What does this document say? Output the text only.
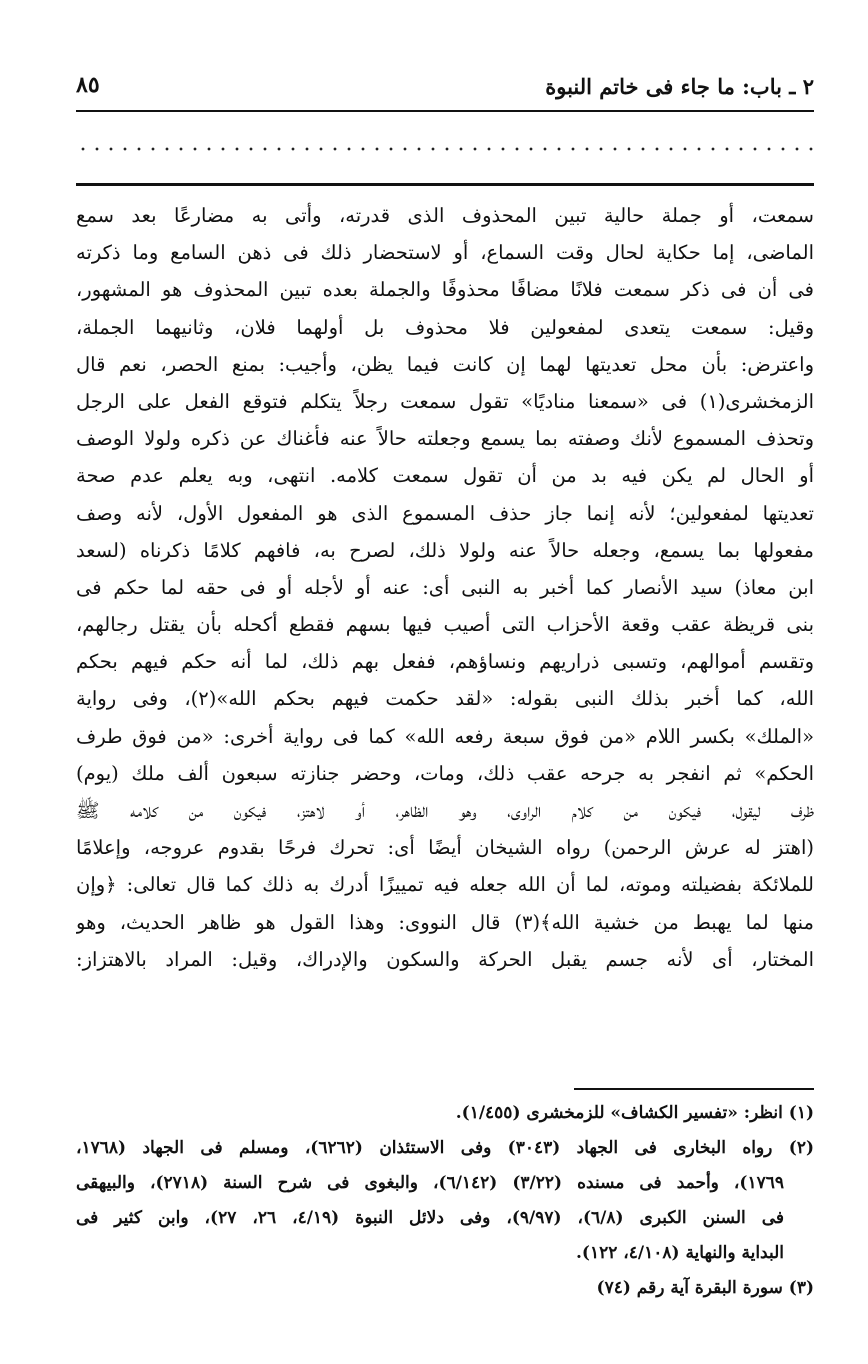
٢ ـ باب: ما جاء فى خاتم النبوة
٨٥
سمعت، أو جملة حالية تبين المحذوف الذى قدرته، وأتى به مضارعًا بعد سمع
الماضى، إما حكاية لحال وقت السماع، أو لاستحضار ذلك فى ذهن السامع وما ذكرته
فى أن فى ذكر سمعت فلانًا مضافًا محذوفًا والجملة بعده تبين المحذوف هو المشهور،
وقيل: سمعت يتعدى لمفعولين فلا محذوف بل أولهما فلان، وثانيهما الجملة،
واعترض: بأن محل تعديتها لهما إن كانت فيما يظن، وأجيب: بمنع الحصر، نعم قال
الزمخشرى(١) فى «سمعنا مناديًا» تقول سمعت رجلاً يتكلم فتوقع الفعل على الرجل
وتحذف المسموع لأنك وصفته بما يسمع وجعلته حالاً عنه فأغناك عن ذكره ولولا الوصف
أو الحال لم يكن فيه بد من أن تقول سمعت كلامه. انتهى، وبه يعلم عدم صحة
تعديتها لمفعولين؛ لأنه إنما جاز حذف المسموع الذى هو المفعول الأول، لأنه وصف
مفعولها بما يسمع، وجعله حالاً عنه ولولا ذلك، لصرح به، فافهم كلامًا ذكرناه (لسعد
ابن معاذ) سيد الأنصار كما أخبر به النبى أى: عنه أو لأجله أو فى حقه لما حكم فى
بنى قريظة عقب وقعة الأحزاب التى أصيب فيها بسهم فقطع أكحله بأن يقتل رجالهم،
وتقسم أموالهم، وتسبى ذراريهم ونساؤهم، ففعل بهم ذلك، لما أنه حكم فيهم بحكم
الله، كما أخبر بذلك النبى بقوله: «لقد حكمت فيهم بحكم الله»(٢)، وفى رواية
«الملك» بكسر اللام «من فوق سبعة رفعه الله» كما فى رواية أخرى: «من فوق طرف
الحكم» ثم انفجر به جرحه عقب ذلك، ومات، وحضر جنازته سبعون ألف ملك (يوم)
ظرف ليقول، فيكون من كلام الراوى، وهو الظاهر، أو لاهتز، فيكون من كلامه ﷺ
(اهتز له عرش الرحمن) رواه الشيخان أيضًا أى: تحرك فرحًا بقدوم عروجه، وإعلامًا
للملائكة بفضيلته وموته، لما أن الله جعله فيه تمييزًا أدرك به ذلك كما قال تعالى: ﴿وإن
منها لما يهبط من خشية الله﴾(٣) قال النووى: وهذا القول هو ظاهر الحديث، وهو
المختار، أى لأنه جسم يقبل الحركة والسكون والإدراك، وقيل: المراد بالاهتزاز:
(١) انظر: «تفسير الكشاف» للزمخشرى (١/٤٥٥).
(٢) رواه البخارى فى الجهاد (٣٠٤٣) وفى الاستئذان (٦٢٦٢)، ومسلم فى الجهاد (١٧٦٨،
١٧٦٩)، وأحمد فى مسنده (٣/٢٢) (٦/١٤٢)، والبغوى فى شرح السنة (٢٧١٨)، والبيهقى
فى السنن الكبرى (٦/٨)، (٩/٩٧)، وفى دلائل النبوة (٤/١٩، ٢٦، ٢٧)، وابن كثير فى
البداية والنهاية (٤/١٠٨، ١٢٢).
(٣) سورة البقرة آية رقم (٧٤)
